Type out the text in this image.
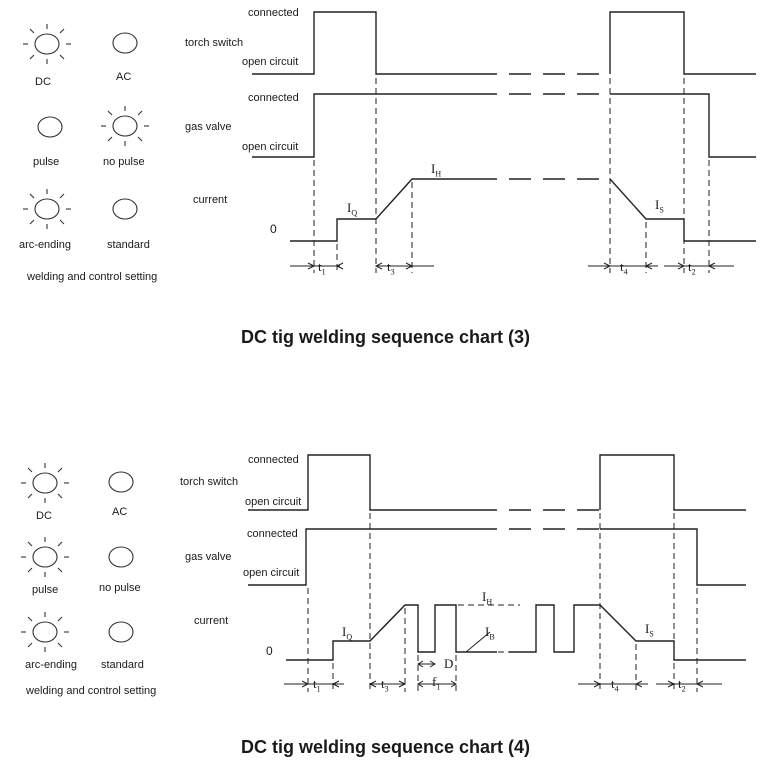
DC	AC
pulse	no pulse
arc-ending	standard
welding and control setting
connected
torch switch
open circuit
connected
gas valve
open circuit
current
0
$I_H$
$I_Q$
$I_S$
$t_1$	$t_3$	$t_4$	$t_2$
DC tig welding sequence chart (3)
DC	AC
pulse	no pulse
arc-ending standard
welding and control setting
connected
torch switch
open circuit
connected
gas valve
open circuit
current
0
$I_H$
$I_B$
$I_Q$
$I_S$
D
$t_1$	$t_3$
$f_1$	$t_4$	$t_2$
DC tig welding sequence chart (4)
